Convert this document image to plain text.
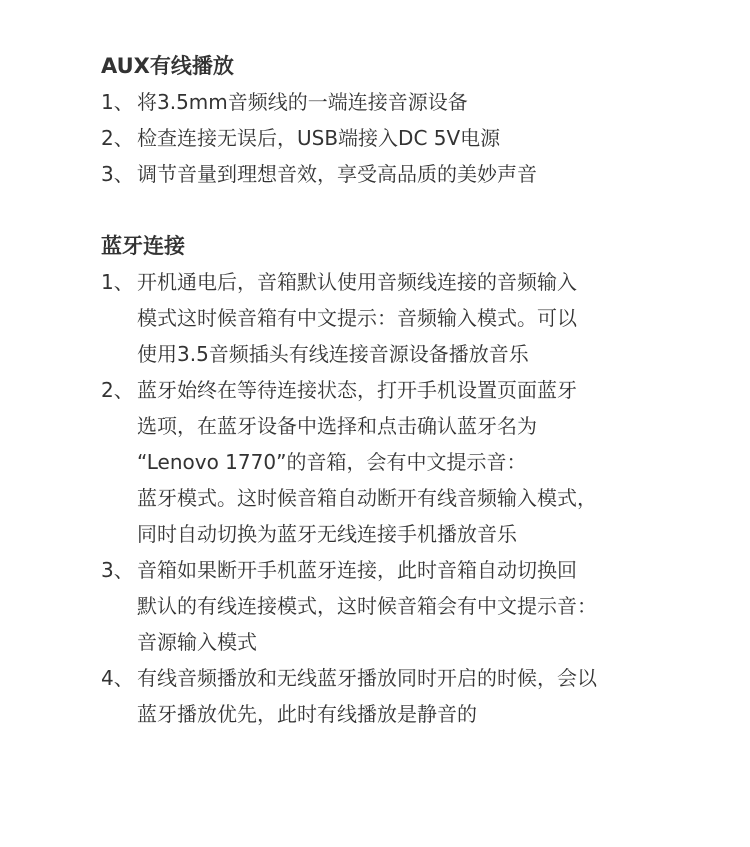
AUX有线播放
1、 将3.5mm音频线的一端连接音源设备
2、 检查连接无误后，USB端接入DC 5V电源
3、 调节音量到理想音效，享受高品质的美妙声音
蓝牙连接
1、 开机通电后，音箱默认使用音频线连接的音频输入
模式这时候音箱有中文提示：音频输入模式。可以
使用3.5音频插头有线连接音源设备播放音乐
2、 蓝牙始终在等待连接状态，打开手机设置页面蓝牙
选项，在蓝牙设备中选择和点击确认蓝牙名为
“Lenovo 1770”的音箱，会有中文提示音：
蓝牙模式。这时候音箱自动断开有线音频输入模式，
同时自动切换为蓝牙无线连接手机播放音乐
3、 音箱如果断开手机蓝牙连接，此时音箱自动切换回
默认的有线连接模式，这时候音箱会有中文提示音：
音源输入模式
4、 有线音频播放和无线蓝牙播放同时开启的时候，会以
蓝牙播放优先，此时有线播放是静音的
